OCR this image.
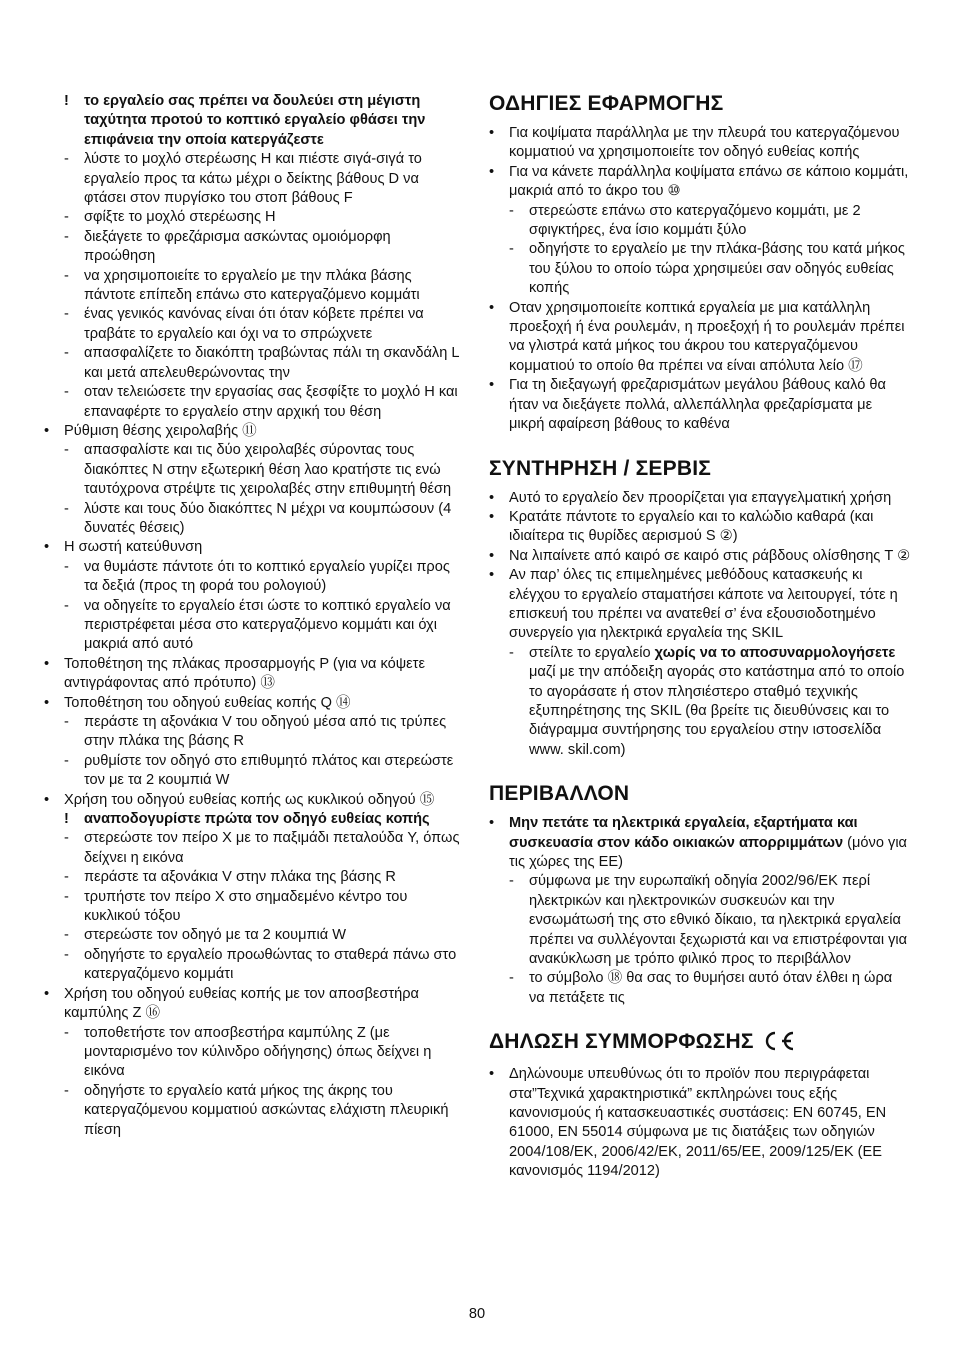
!	το εργαλείο σας πρέπει να δουλεύει στη μέγιστη ταχύτητα προτού το κοπτικό εργαλείο φθάσει την επιφάνεια την οποία κατεργάζεστε
-	λύστε το μοχλό στερέωσης H και πιέστε σιγά-σιγά το εργαλείο προς τα κάτω μέχρι ο δείκτης βάθους D να φτάσει στον πυργίσκο του στοπ βάθους F
-	σφίξτε το μοχλό στερέωσης H
-	διεξάγετε το φρεζάρισμα ασκώντας ομοιόμορφη προώθηση
-	να χρησιμοποιείτε το εργαλείο με την πλάκα βάσης πάντοτε επίπεδη επάνω στο κατεργαζόμενο κομμάτι
-	ένας γενικός κανόνας είναι ότι όταν κόβετε πρέπει να τραβάτε το εργαλείο και όχι να το σπρώχνετε
-	απασφαλίζετε το διακόπτη τραβώντας πάλι τη σκανδάλη L και μετά απελευθερώνοντας την
-	οταν τελειώσετε την εργασίας σας ξεσφίξτε το μοχλό H και επαναφέρτε το εργαλείο στην αρχική του θέση
•	Ρύθμιση θέσης χειρολαβής ⑪
-	απασφαλίστε και τις δύο χειρολαβές σύροντας τους διακόπτες N στην εξωτερική θέση λαο κρατήστε τις ενώ ταυτόχρονα στρέψτε τις χειρολαβές στην επιθυμητή θέση
-	λύστε και τους δύο διακόπτες N μέχρι να κουμπώσουν (4 δυνατές θέσεις)
•	Η σωστή κατεύθυνση
-	να θυμάστε πάντοτε ότι το κοπτικό εργαλείο γυρίζει προς τα δεξιά (προς τη φορά του ρολογιού)
-	να οδηγείτε το εργαλείο έτσι ώστε το κοπτικό εργαλείο να περιστρέφεται μέσα στο κατεργαζόμενο κομμάτι και όχι μακριά από αυτό
•	Τοποθέτηση της πλάκας προσαρμογής P (για να κόψετε αντιγράφοντας από πρότυπο) ⑬
•	Τοποθέτηση του οδηγού ευθείας κοπής Q ⑭
-	περάστε τη αξονάκια V του οδηγού μέσα από τις τρύπες στην πλάκα της βάσης R
-	ρυθμίστε τον οδηγό στο επιθυμητό πλάτος και στερεώστε τον με τα 2 κουμπιά W
•	Χρήση του οδηγού ευθείας κοπής ως κυκλικού οδηγού ⑮
!	αναποδογυρίστε πρώτα τον οδηγό ευθείας κοπής
-	στερεώστε τον πείρο X με το παξιμάδι πεταλούδα Y, όπως δείχνει η εικόνα
-	περάστε τα αξονάκια V στην πλάκα της βάσης R
-	τρυπήστε τον πείρο X στο σημαδεμένο κέντρο του κυκλικού τόξου
-	στερεώστε τον οδηγό με τα 2 κουμπιά W
-	οδηγήστε το εργαλείο προωθώντας το σταθερά πάνω στο κατεργαζόμενο κομμάτι
•	Χρήση του οδηγού ευθείας κοπής με τον αποσβεστήρα καμπύλης Z ⑯
-	τοποθετήστε τον αποσβεστήρα καμπύλης Z (με μονταρισμένο τον κύλινδρο οδήγησης) όπως δείχνει η εικόνα
-	οδηγήστε το εργαλείο κατά μήκος της άκρης του κατεργαζόμενου κομματιού ασκώντας ελάχιστη πλευρική πίεση
ΟΔΗΓΙΕΣ ΕΦΑΡΜΟΓΗΣ
•	Για κοψίματα παράλληλα με την πλευρά του κατεργαζόμενου κομματιού να χρησιμοποιείτε τον οδηγό ευθείας κοπής
•	Για να κάνετε παράλληλα κοψίματα επάνω σε κάποιο κομμάτι, μακριά από το άκρο του ⑩
-	στερεώστε επάνω στο κατεργαζόμενο κομμάτι, με 2 σφιγκτήρες, ένα ίσιο κομμάτι ξύλο
-	οδηγήστε το εργαλείο με την πλάκα-βάσης του κατά μήκος του ξύλου το οποίο τώρα χρησιμεύει σαν οδηγός ευθείας κοπής
•	Οταν χρησιμοποιείτε κοπτικά εργαλεία με μια κατάλληλη προεξοχή ή ένα ρουλεμάν, η προεξοχή ή το ρουλεμάν πρέπει να γλιστρά κατά μήκος του άκρου του κατεργαζόμενου κομματιού το οποίο θα πρέπει να είναι απόλυτα λείο ⑰
•	Για τη διεξαγωγή φρεζαρισμάτων μεγάλου βάθους καλό θα ήταν να διεξάγετε πολλά, αλλεπάλληλα φρεζαρίσματα με μικρή αφαίρεση βάθους το καθένα
ΣΥΝΤΗΡΗΣΗ / ΣΕΡΒΙΣ
•	Αυτό το εργαλείο δεν προορίζεται για επαγγελματική χρήση
•	Κρατάτε πάντοτε το εργαλείο και το καλώδιο καθαρά (και ιδιαίτερα τις θυρίδες αερισμού S ②)
•	Να λιπαίνετε από καιρό σε καιρό στις ράβδους ολίσθησης T ②
•	Αν παρ’ όλες τις επιμελημένες μεθόδους κατασκευής κι ελέγχου το εργαλείο σταματήσει κάποτε να λειτουργεί, τότε η επισκευή του πρέπει να ανατεθεί σ’ ένα εξουσιοδοτημένο συνεργείο για ηλεκτρικά εργαλεία της SKIL
-	στείλτε το εργαλείο χωρίς να το αποσυναρμολογήσετε μαζί με την απόδειξη αγοράς στο κατάστημα από το οποίο το αγοράσατε ή στον πλησιέστερο σταθμό τεχνικής εξυπηρέτησης της SKIL (θα βρείτε τις διευθύνσεις και το διάγραμμα συντήρησης του εργαλείου στην ιστοσελίδα www. skil.com)
ΠΕΡΙΒΑΛΛΟΝ
•	Μην πετάτε τα ηλεκτρικά εργαλεία, εξαρτήματα και συσκευασία στον κάδο οικιακών απορριμμάτων (μόνο για τις χώρες της ΕΕ)
-	σύμφωνα με την ευρωπαϊκή οδηγία 2002/96/ΕΚ περί ηλεκτρικών και ηλεκτρονικών συσκευών και την ενσωμάτωσή της στο εθνικό δίκαιο, τα ηλεκτρικά εργαλεία πρέπει να συλλέγονται ξεχωριστά και να επιστρέφονται για ανακύκλωση με τρόπο φιλικό προς το περιβάλλον
-	το σύμβολο ⑱ θα σας το θυμήσει αυτό όταν έλθει η ώρα να πετάξετε τις
ΔΗΛΩΣΗ ΣΥΜΜΟΡΦΩΣΗΣ
•	Δηλώνουμε υπευθύνως ότι το προϊόν που περιγράφεται στα”Τεχνικά χαρακτηριστικά” εκπληρώνει τους εξής κανονισμούς ή κατασκευαστικές συστάσεις: EN 60745, EN 61000, EN 55014 σύμφωνα με τις διατάξεις των οδηγιών 2004/108/EK, 2006/42/EK, 2011/65/ΕΕ, 2009/125/ΕΚ (ΕΕ κανονισμός 1194/2012)
80
